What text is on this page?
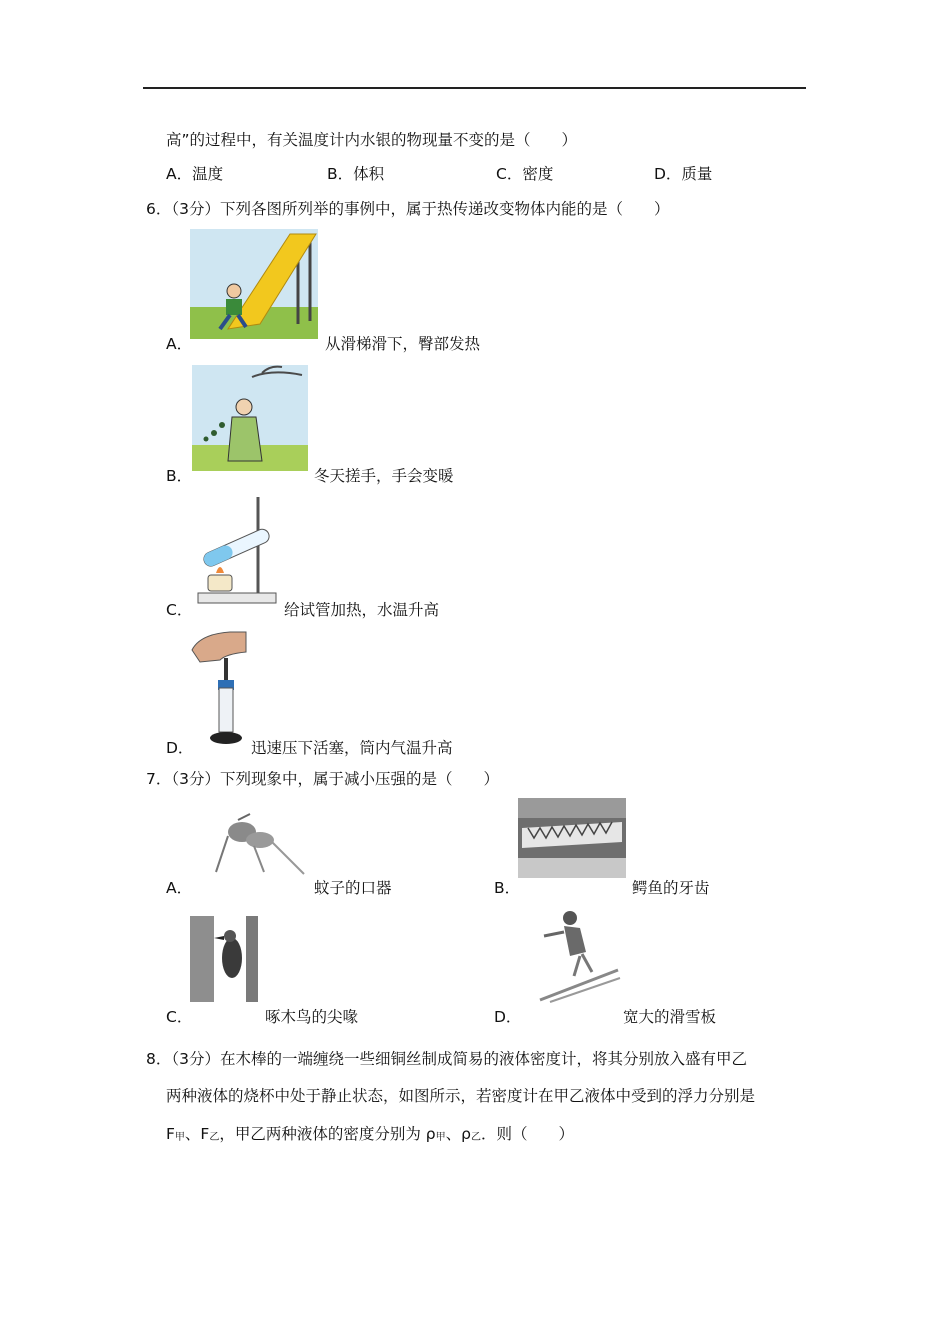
高”的过程中，有关温度计内水银的物现量不变的是（　　）
A．温度	B．体积	C．密度	D．质量
6．（3分）下列各图所列举的事例中，属于热传递改变物体内能的是（　　）
A．	从滑梯滑下，臀部发热
B．	冬天搓手，手会变暖
C．	给试管加热，水温升高
D．	迅速压下活塞，筒内气温升高
7．（3分）下列现象中，属于减小压强的是（　　）
A．	蚊子的口器	B．	鳄鱼的牙齿
C．	啄木鸟的尖喙	D．	宽大的滑雪板
8．（3分）在木棒的一端缠绕一些细铜丝制成简易的液体密度计，将其分别放入盛有甲乙
两种液体的烧杯中处于静止状态，如图所示，若密度计在甲乙液体中受到的浮力分别是
$F_甲$、$F_乙$，甲乙两种液体的密度分别为 $\rho_甲$、$\rho_乙$．则（　　）
